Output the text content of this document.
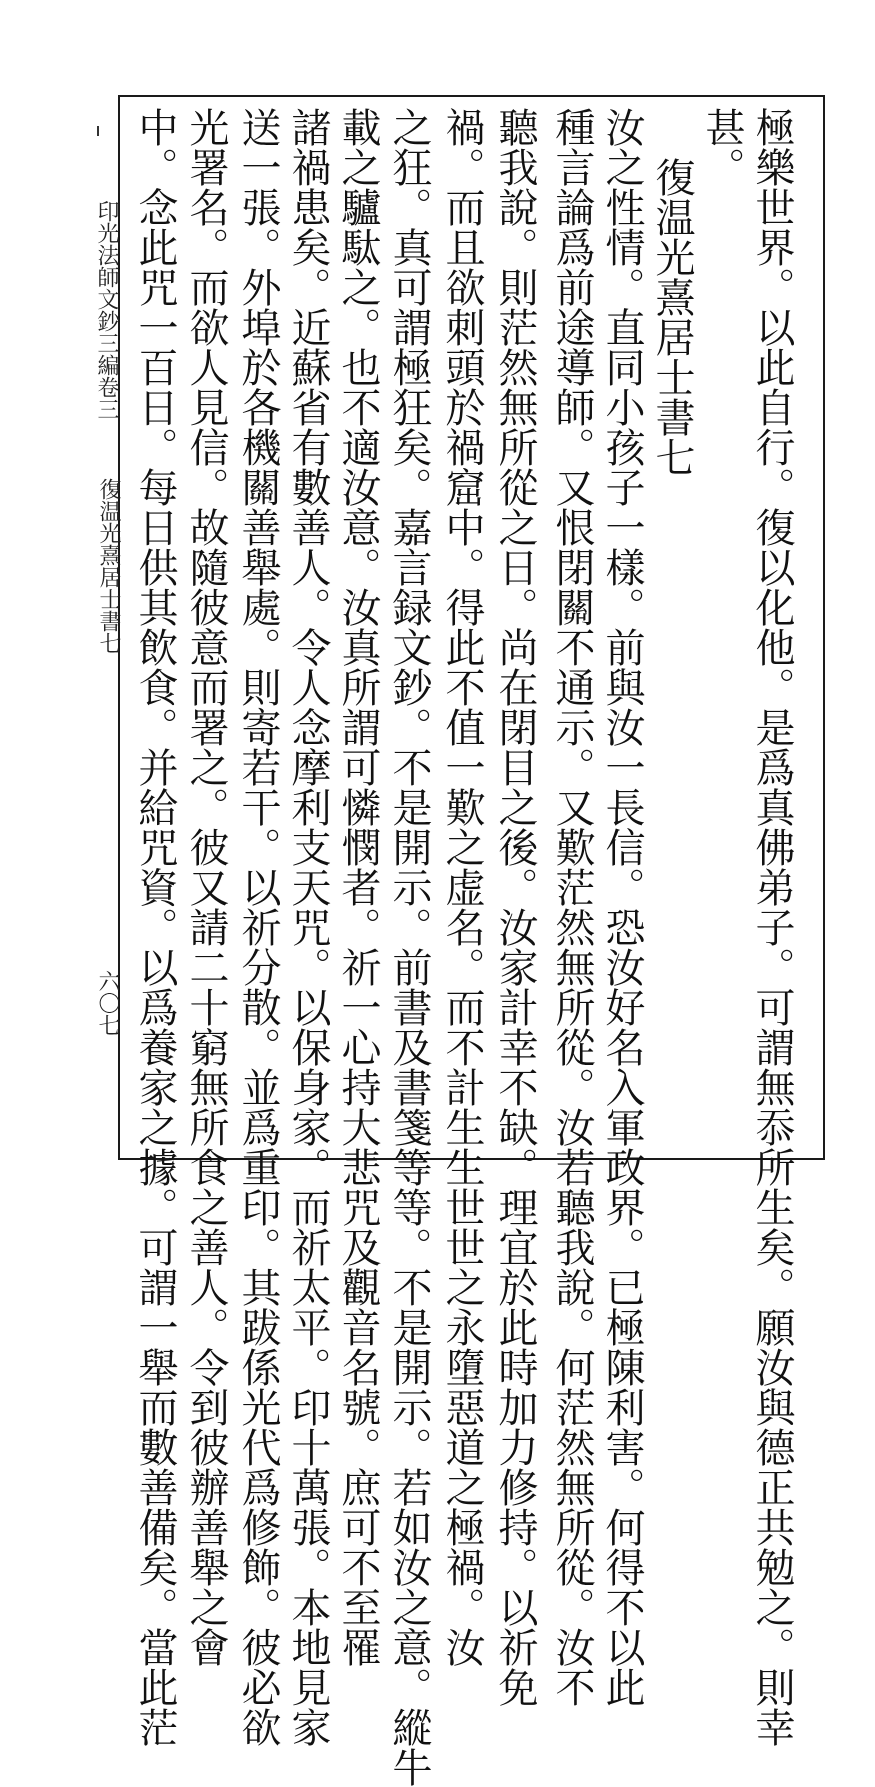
極樂世界。以此自行。復以化他。是爲真佛弟子。可謂無忝所生矣。願汝與德正共勉之。則幸
甚。
復温光熹居士書七
汝之性情。直同小孩子一樣。前與汝一長信。恐汝好名入軍政界。已極陳利害。何得不以此
種言論爲前途導師。又恨閉關不通示。又歎茫然無所從。汝若聽我說。何茫然無所從。汝不
聽我說。則茫然無所從之日。尚在閉目之後。汝家計幸不缺。理宜於此時加力修持。以祈免
禍。而且欲刺頭於禍窟中。得此不值一歎之虚名。而不計生生世世之永墮惡道之極禍。汝
之狂。真可謂極狂矣。嘉言録文鈔。不是開示。前書及書箋等等。不是開示。若如汝之意。縱牛
載之驢駄之。也不適汝意。汝真所謂可憐憫者。祈一心持大悲咒及觀音名號。庶可不至罹
諸禍患矣。近蘇省有數善人。令人念摩利支天咒。以保身家。而祈太平。印十萬張。本地見家
送一張。外埠於各機關善舉處。則寄若干。以祈分散。並爲重印。其跋係光代爲修飾。彼必欲
光署名。而欲人見信。故隨彼意而署之。彼又請二十窮無所食之善人。令到彼辦善舉之會
中。念此咒一百日。每日供其飲食。并給咒資。以爲養家之據。可謂一舉而數善備矣。當此茫
印光法師文鈔三編卷三
復温光熹居士書七
六〇七
